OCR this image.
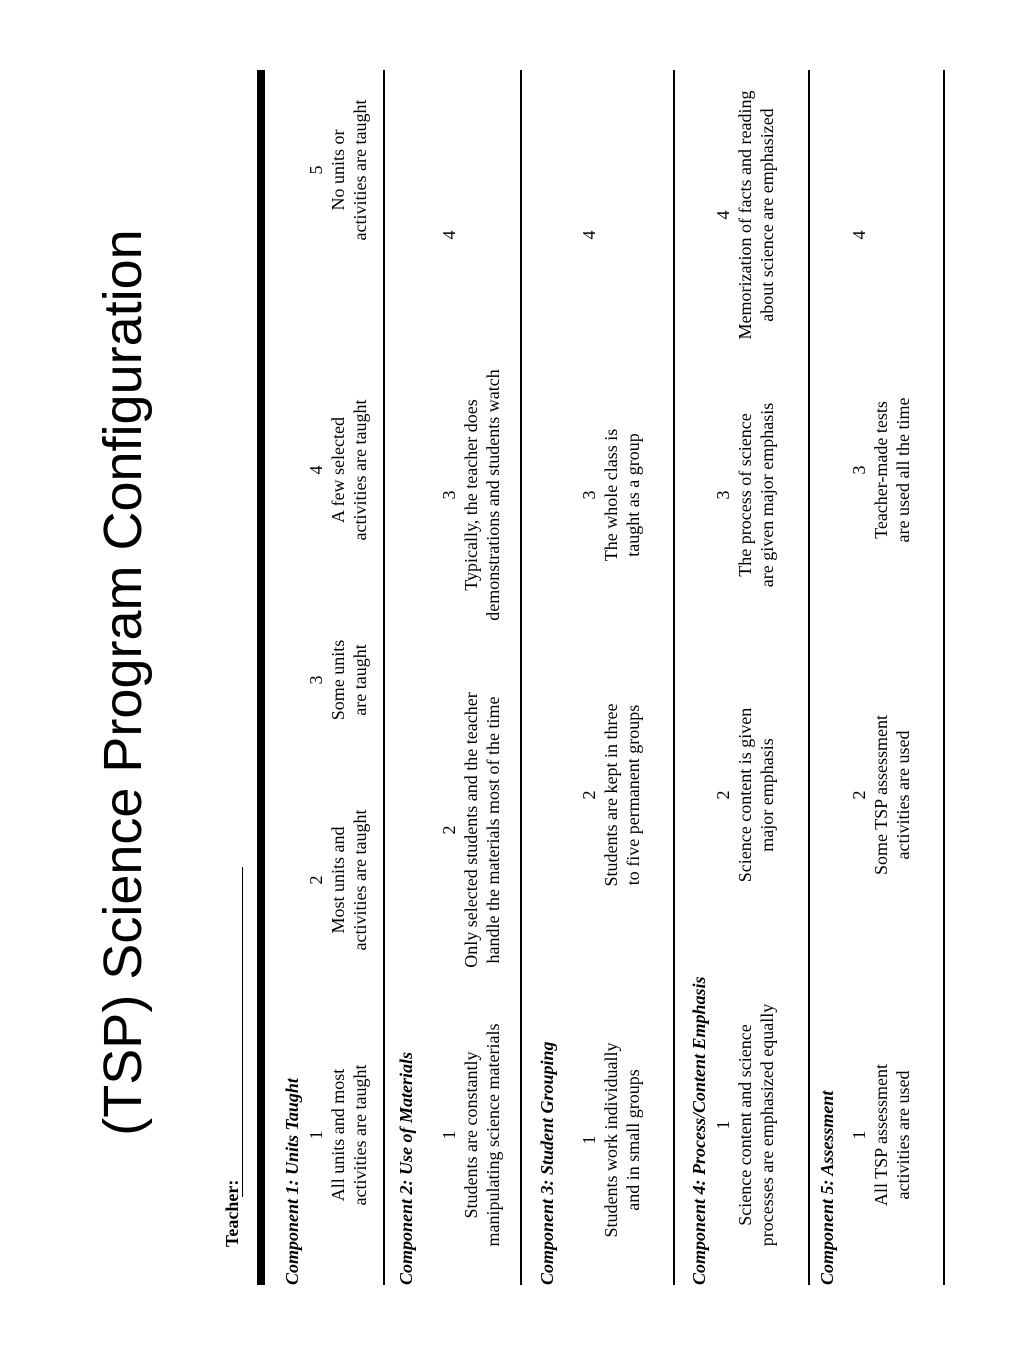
(TSP) Science Program Configuration
Teacher: Component 1: Units Taught 1
All units and most
activities are taught
2
Most units and
activities are taught
3 Some units
are taught
4
A few selected
activities are taught
5
No units or
activities are taught
Component 2: Use of Materials 1
Students are constantly
manipulating science materials
2
Only selected students and the teacher
handle the materials most of the time
3
Typically, the teacher does
demonstrations and students watch
4
Component 3: Student Grouping 1
Students work individually
and in small groups
2
Students are kept in three
to five permanent groups
3
The whole class is
taught as a group
4
Component 4: Process/Content Emphasis 1
Science content and science
processes are emphasized equally
2
Science content is given
major emphasis
3
The process of science
are given major emphasis
4
Memorization of facts and reading
about science are emphasized
Component 5: Assessment 1
All TSP assessment
activities are used
2
Some TSP assessment
activities are used
3 Teacher-made tests
are used all the time
4
